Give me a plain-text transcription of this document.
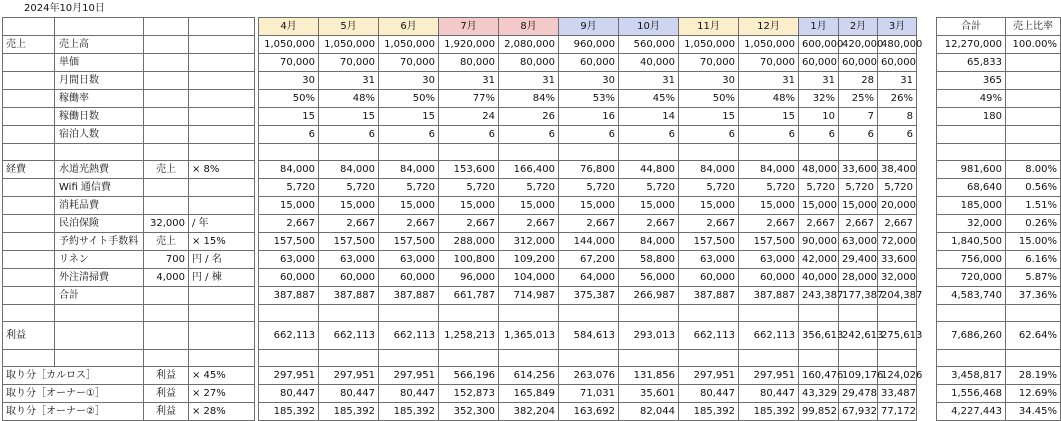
2024年10月10日
					4月	5月	6月	7月	8月	9月	10月	11月	12月	1月	2月	3月		合計	売上比率
売上	売上高				1,050,000	1,050,000	1,050,000	1,920,000	2,080,000	960,000	560,000	1,050,000	1,050,000	600,000	420,000	480,000		12,270,000	100.00%
	単価				70,000	70,000	70,000	80,000	80,000	60,000	40,000	70,000	70,000	60,000	60,000	60,000		65,833	
	月間日数				30	31	30	31	31	30	31	30	31	31	28	31		365	
	稼働率				50%	48%	50%	77%	84%	53%	45%	50%	48%	32%	25%	26%		49%	
	稼働日数				15	15	15	24	26	16	14	15	15	10	7	8		180	
	宿泊人数				6	6	6	6	6	6	6	6	6	6	6	6			

経費	水道光熱費	売上	× 8%		84,000	84,000	84,000	153,600	166,400	76,800	44,800	84,000	84,000	48,000	33,600	38,400		981,600	8.00%
	Wifi 通信費				5,720	5,720	5,720	5,720	5,720	5,720	5,720	5,720	5,720	5,720	5,720	5,720		68,640	0.56%
	消耗品費				15,000	15,000	15,000	15,000	15,000	15,000	15,000	15,000	15,000	15,000	15,000	20,000		185,000	1.51%
	民泊保険	32,000	/ 年		2,667	2,667	2,667	2,667	2,667	2,667	2,667	2,667	2,667	2,667	2,667	2,667		32,000	0.26%
	予約サイト手数料	売上	× 15%		157,500	157,500	157,500	288,000	312,000	144,000	84,000	157,500	157,500	90,000	63,000	72,000		1,840,500	15.00%
	リネン	700	円 / 名		63,000	63,000	63,000	100,800	109,200	67,200	58,800	63,000	63,000	42,000	29,400	33,600		756,000	6.16%
	外注清掃費	4,000	円 / 棟		60,000	60,000	60,000	96,000	104,000	64,000	56,000	60,000	60,000	40,000	28,000	32,000		720,000	5.87%
	合計				387,887	387,887	387,887	661,787	714,987	375,387	266,987	387,887	387,887	243,387	177,387	204,387		4,583,740	37.36%

利益					662,113	662,113	662,113	1,258,213	1,365,013	584,613	293,013	662,113	662,113	356,613	242,613	275,613		7,686,260	62.64%

取り分［カルロス］		利益	× 45%		297,951	297,951	297,951	566,196	614,256	263,076	131,856	297,951	297,951	160,476	109,176	124,026		3,458,817	28.19%
取り分［オーナー①］		利益	× 27%		80,447	80,447	80,447	152,873	165,849	71,031	35,601	80,447	80,447	43,329	29,478	33,487		1,556,468	12.69%
取り分［オーナー②］		利益	× 28%		185,392	185,392	185,392	352,300	382,204	163,692	82,044	185,392	185,392	99,852	67,932	77,172		4,227,443	34.45%
